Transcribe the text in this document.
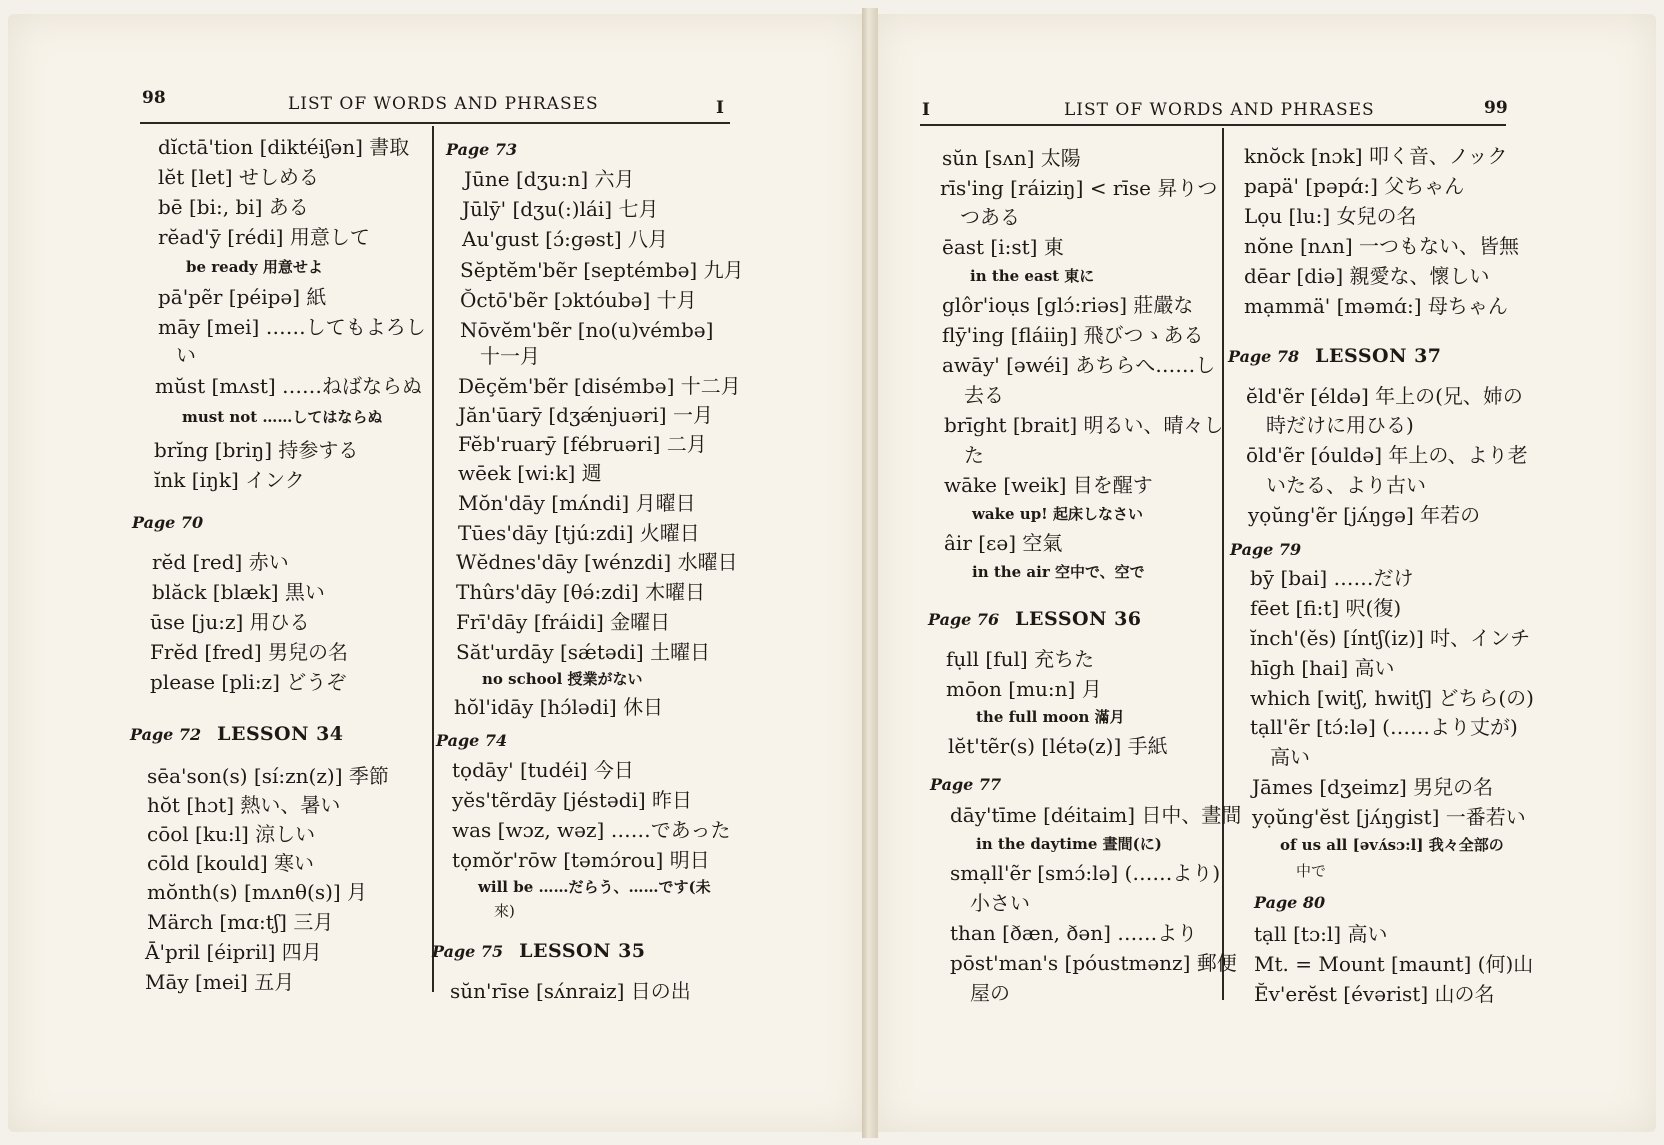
98	LIST OF WORDS AND PHRASES	I
dĭctā'tion [diktéiʃən] 書取
lĕt [let] せしめる
bē [bi:, bi] ある
rĕad'ȳ [rédi] 用意して
be ready 用意せよ
pā'pẽr [péipə] 紙
māy [mei] ……してもよろし
い
mŭst [mʌst] ……ねばならぬ
must not ……してはならぬ
brĭng [briŋ] 持参する
ĭnk [iŋk] インク
Page 70
rĕd [red] 赤い
blăck [blæk] 黒い
ūse [ju:z] 用ひる
Frĕd [fred] 男兒の名
please [pli:z] どうぞ
Page 72 LESSON 34
sēa'son(s) [sí:zn(z)] 季節
hŏt [hɔt] 熱い、暑い
cōol [ku:l] 涼しい
cōld [kould] 寒い
mŏnth(s) [mʌnθ(s)] 月
Märch [mɑ:tʃ] 三月
Ā'pril [éipril] 四月
Māy [mei] 五月
Page 73
Jūne [dʒu:n] 六月
Jūlȳ' [dʒu(:)lái] 七月
Au'gust [ɔ́:gəst] 八月
Sĕptĕm'bẽr [septémbə] 九月
Ŏctō'bẽr [ɔktóubə] 十月
Nōvĕm'bẽr [no(u)vémbə]
十一月
Dēçĕm'bẽr [disémbə] 十二月
Jăn'ūarȳ [dʒǽnjuəri] 一月
Fĕb'ruarȳ [fébruəri] 二月
wēek [wi:k] 週
Mŏn'dāy [mʌ́ndi] 月曜日
Tūes'dāy [tjú:zdi] 火曜日
Wĕdnes'dāy [wénzdi] 水曜日
Thûrs'dāy [θə́:zdi] 木曜日
Frī'dāy [fráidi] 金曜日
Săt'urdāy [sǽtədi] 土曜日
no school 授業がない
hŏl'idāy [hɔ́lədi] 休日
Page 74
tọdāy' [tudéi] 今日
yĕs'tẽrdāy [jéstədi] 昨日
was [wɔz, wəz] ……であった
tọmŏr'rōw [təmɔ́rou] 明日
will be ……だらう、……です(未
來)
Page 75 LESSON 35
sŭn'rīse [sʌ́nraiz] 日の出
I	LIST OF WORDS AND PHRASES	99
sŭn [sʌn] 太陽
rīs'ing [ráiziŋ] < rīse 昇りつ
つある
ēast [i:st] 東
in the east 東に
glôr'ioụs [glɔ́:riəs] 莊嚴な
flȳ'ing [fláiiŋ] 飛びつゝある
awāy' [əwéi] あちらへ……し
去る
brīght [brait] 明るい、晴々し
た
wāke [weik] 目を醒す
wake up! 起床しなさい
âir [ɛə] 空氣
in the air 空中で、空で
Page 76 LESSON 36
fụll [ful] 充ちた
mōon [mu:n] 月
the full moon 滿月
lĕt'tẽr(s) [létə(z)] 手紙
Page 77
dāy'tīme [déitaim] 日中、晝間
in the daytime 晝間(に)
smạll'ẽr [smɔ́:lə] (……より)
小さい
than [ðæn, ðən] ……より
pōst'man's [póustmənz] 郵便
屋の
knŏck [nɔk] 叩く音、ノック
papä' [pəpɑ́:] 父ちゃん
Lọu [lu:] 女兒の名
nŏne [nʌn] 一つもない、皆無
dēar [diə] 親愛な、懷しい
mạmmä' [məmɑ́:] 母ちゃん
Page 78 LESSON 37
ĕld'ẽr [éldə] 年上の(兄、姉の
時だけに用ひる)
ōld'ẽr [óuldə] 年上の、より老
いたる、より古い
yọŭng'ẽr [jʌ́ŋgə] 年若の
Page 79
bȳ [bai] ……だけ
fēet [fi:t] 呎(復)
ĭnch'(ĕs) [íntʃ(iz)] 吋、インチ
hīgh [hai] 高い
which [witʃ, hwitʃ] どちら(の)
tạll'ẽr [tɔ́:lə] (……より丈が)
高い
Jāmes [dʒeimz] 男兒の名
yọŭng'ĕst [jʌ́ŋgist] 一番若い
of us all [əvʌ́sɔ:l] 我々全部の
中で
Page 80
tạll [tɔ:l] 高い
Mt. = Mount [maunt] (何)山
Ĕv'erĕst [évərist] 山の名
